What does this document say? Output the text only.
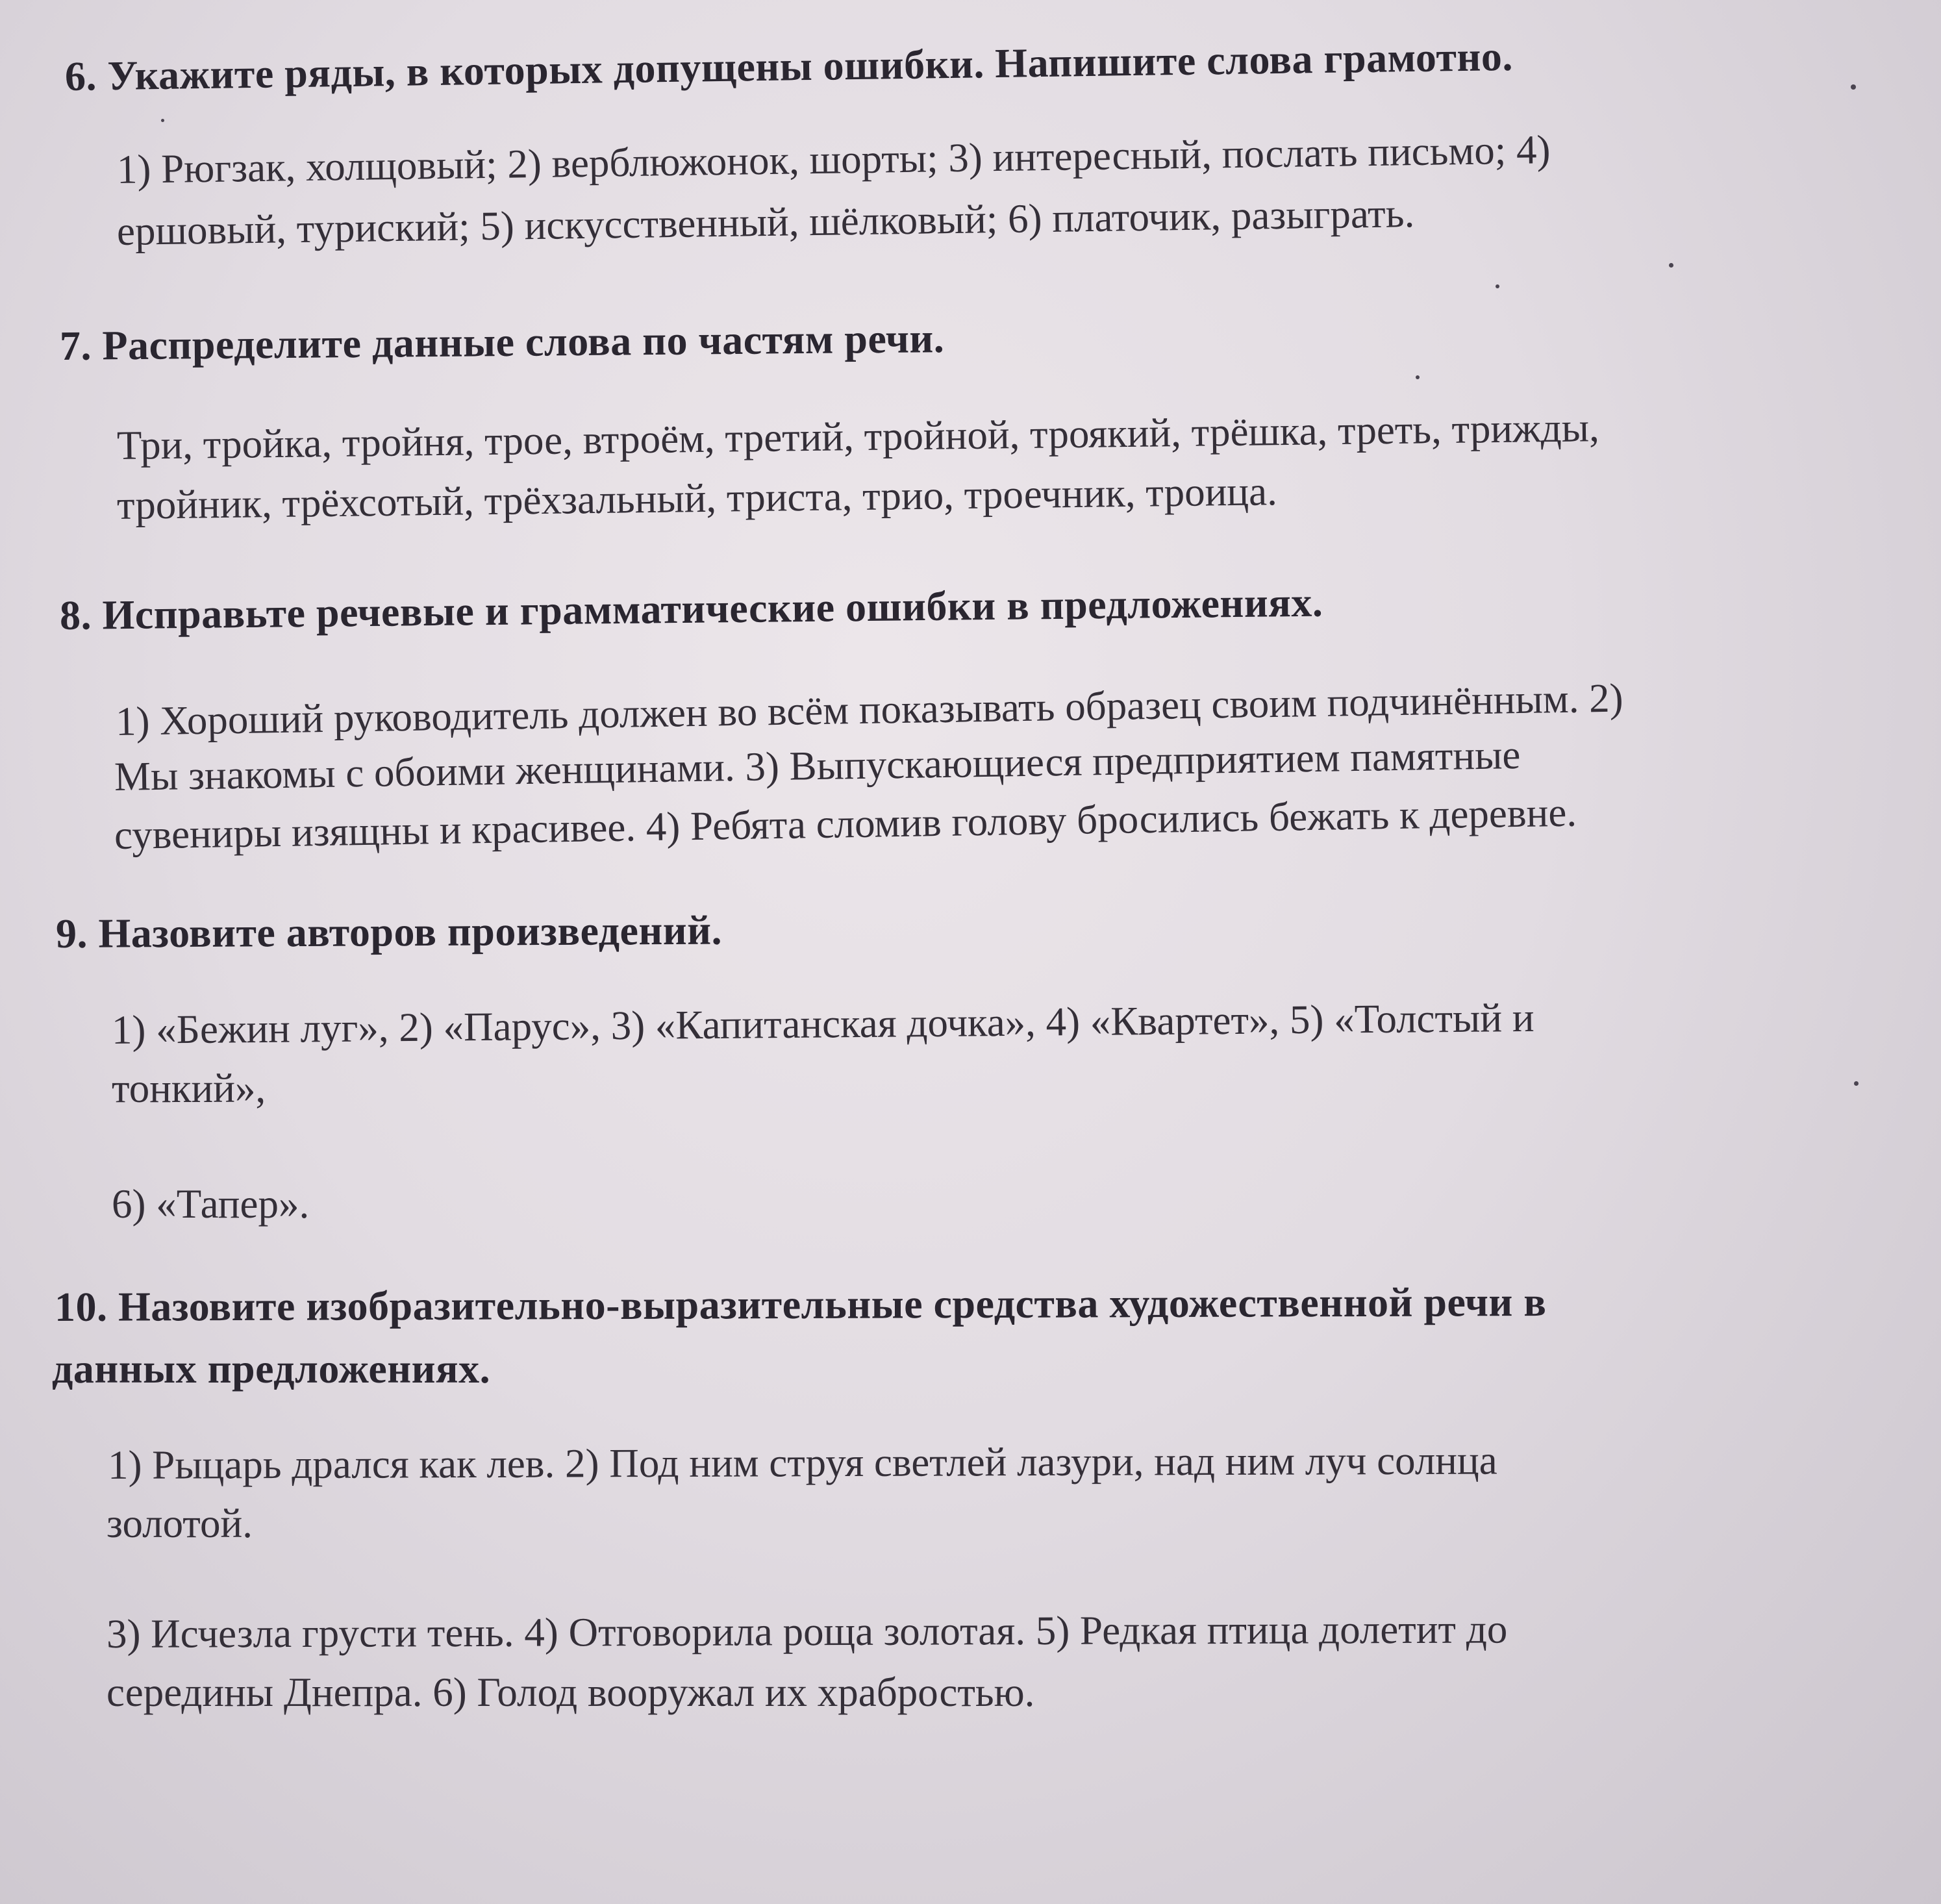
6. Укажите ряды, в которых допущены ошибки. Напишите слова грамотно.

1) Рюгзак, холщовый; 2) верблюжонок, шорты; 3) интересный, послать письмо; 4)

ершовый, туриский; 5) искусственный, шёлковый; 6) платочик, разыграть.

7. Распределите данные слова по частям речи.

Три, тройка, тройня, трое, втроём, третий, тройной, троякий, трёшка, треть, трижды,

тройник, трёхсотый, трёхзальный, триста, трио, троечник, троица.

8. Исправьте речевые и грамматические ошибки в предложениях.

1) Хороший руководитель должен во всём показывать образец своим подчинённым. 2)

Мы знакомы с обоими женщинами. 3) Выпускающиеся предприятием памятные

сувениры изящны и красивее. 4) Ребята сломив голову бросились бежать к деревне.

9. Назовите авторов произведений.

1) «Бежин луг», 2) «Парус», 3) «Капитанская дочка», 4) «Квартет», 5) «Толстый и

тонкий»,

6) «Тапер».

10. Назовите изобразительно-выразительные средства художественной речи в
данных предложениях.

1) Рыцарь дрался как лев. 2) Под ним струя светлей лазури, над ним луч солнца

золотой.

3) Исчезла грусти тень. 4) Отговорила роща золотая. 5) Редкая птица долетит до

середины Днепра. 6) Голод вооружал их храбростью.
